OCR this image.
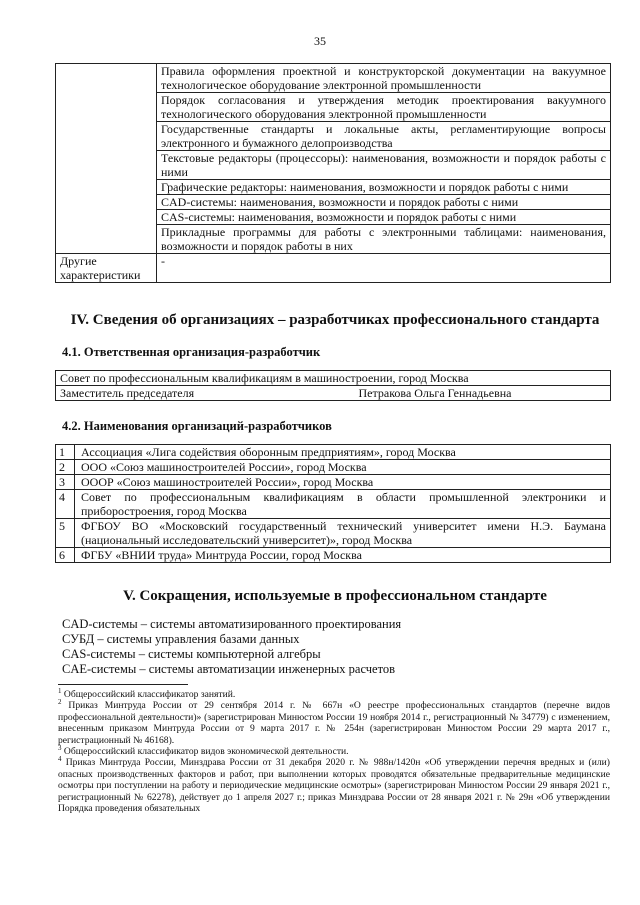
35
	Правила оформления проектной и конструкторской документации на вакуумное технологическое оборудование электронной промышленности
	Порядок согласования и утверждения методик проектирования вакуумного технологического оборудования электронной промышленности
	Государственные стандарты и локальные акты, регламентирующие вопросы электронного и бумажного делопроизводства
	Текстовые редакторы (процессоры): наименования, возможности и порядок работы с ними
	Графические редакторы: наименования, возможности и порядок работы с ними
	CAD-системы: наименования, возможности и порядок работы с ними
	CAS-системы: наименования, возможности и порядок работы с ними
	Прикладные программы для работы с электронными таблицами: наименования, возможности и порядок работы в них
Другие характеристики	-
IV. Сведения об организациях – разработчиках профессионального стандарта
4.1. Ответственная организация-разработчик
Совет по профессиональным квалификациям в машиностроении, город Москва
Заместитель председателя	Петракова Ольга Геннадьевна
4.2. Наименования организаций-разработчиков
1	Ассоциация «Лига содействия оборонным предприятиям», город Москва
2	ООО «Союз машиностроителей России», город Москва
3	ОООР «Союз машиностроителей России», город Москва
4	Совет по профессиональным квалификациям в области промышленной электроники и приборостроения, город Москва
5	ФГБОУ ВО «Московский государственный технический университет имени Н.Э. Баумана (национальный исследовательский университет)», город Москва
6	ФГБУ «ВНИИ труда» Минтруда России, город Москва
V. Сокращения, используемые в профессиональном стандарте
CAD-системы – системы автоматизированного проектирования
СУБД – системы управления базами данных
CAS-системы – системы компьютерной алгебры
CAE-системы – системы автоматизации инженерных расчетов

$^1$ Общероссийский классификатор занятий.

$^2$ Приказ Минтруда России от 29 сентября 2014 г. № 667н «О реестре профессиональных стандартов (перечне видов профессиональной деятельности)» (зарегистрирован Минюстом России 19 ноября 2014 г., регистрационный № 34779) с изменением, внесенным приказом Минтруда России от 9 марта 2017 г. № 254н (зарегистрирован Минюстом России 29 марта 2017 г., регистрационный № 46168).

$^3$ Общероссийский классификатор видов экономической деятельности.

$^4$ Приказ Минтруда России, Минздрава России от 31 декабря 2020 г. № 988н/1420н «Об утверждении перечня вредных и (или) опасных производственных факторов и работ, при выполнении которых проводятся обязательные предварительные медицинские осмотры при поступлении на работу и периодические медицинские осмотры» (зарегистрирован Минюстом России 29 января 2021 г., регистрационный № 62278), действует до 1 апреля 2027 г.; приказ Минздрава России от 28 января 2021 г. № 29н «Об утверждении Порядка проведения обязательных
